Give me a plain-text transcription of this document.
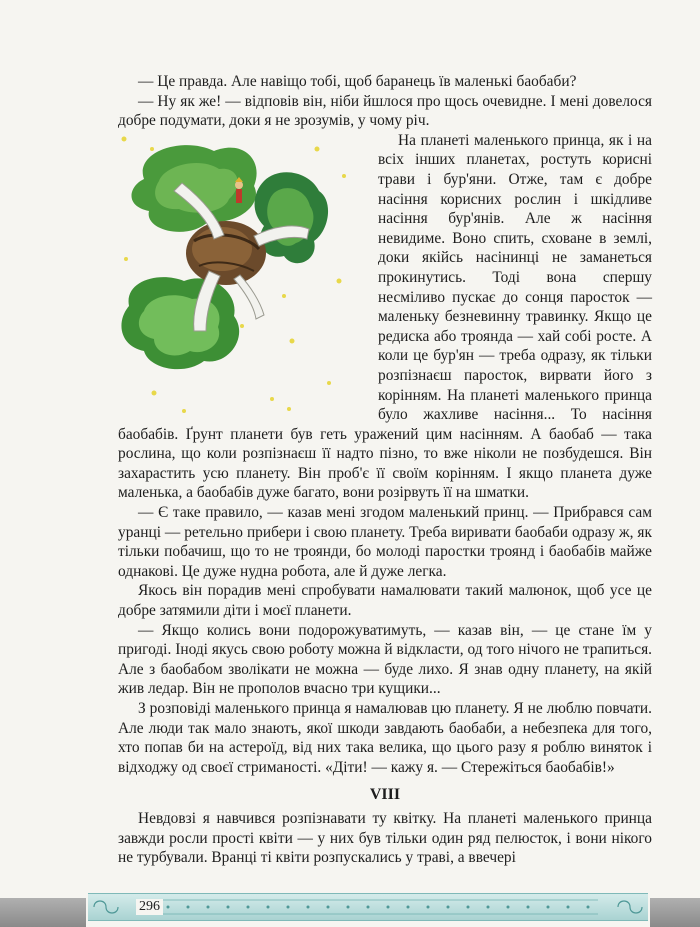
— Це правда. Але навіщо тобі, щоб баранець їв маленькі баобаби?

— Ну як же! — відповів він, ніби йшлося про щось очевидне. І мені довелося добре подумати, доки я не зрозумів, у чому річ.

На планеті маленького принца, як і на всіх інших планетах, ростуть корисні трави і бур'яни. Отже, там є добре насіння корисних рослин і шкідливе насіння бур'янів. Але ж насіння невидиме. Воно спить, сховане в землі, доки якійсь насінинці не заманеться прокинутись. Тоді вона спершу несміливо пускає до сонця паросток — маленьку безневинну травинку. Якщо це редиска або троянда — хай собі росте. А коли це бур'ян — треба одразу, як тільки розпізнаєш паросток, вирвати його з корінням. На планеті маленького принца було жахливе насіння... То насіння баобабів. Ґрунт планети був геть уражений цим насінням. А баобаб — така рослина, що коли розпізнаєш її надто пізно, то вже ніколи не позбудешся. Він захарастить усю планету. Він проб'є її своїм корінням. І якщо планета дуже маленька, а баобабів дуже багато, вони розірвуть її на шматки.

— Є таке правило, — казав мені згодом маленький принц. — Прибрався сам уранці — ретельно прибери і свою планету. Треба виривати баобаби одразу ж, як тільки побачиш, що то не троянди, бо молоді паростки троянд і баобабів майже однакові. Це дуже нудна робота, але й дуже легка.

Якось він порадив мені спробувати намалювати такий малюнок, щоб усе це добре затямили діти і моєї планети.

— Якщо колись вони подорожуватимуть, — казав він, — це стане їм у пригоді. Іноді якусь свою роботу можна й відкласти, од того нічого не трапиться. Але з баобабом зволікати не можна — буде лихо. Я знав одну планету, на якій жив ледар. Він не прополов вчасно три кущики...

З розповіді маленького принца я намалював цю планету. Я не люблю повчати. Але люди так мало знають, якої шкоди завдають баобаби, а небезпека для того, хто попав би на астероїд, від них така велика, що цього разу я роблю виняток і відходжу од своєї стриманості. «Діти! — кажу я. — Стережіться баобабів!»

VIII

Невдовзі я навчився розпізнавати ту квітку. На планеті маленького принца завжди росли прості квіти — у них був тільки один ряд пелюсток, і вони нікого не турбували. Вранці ті квіти розпускались у траві, а ввечері

296
